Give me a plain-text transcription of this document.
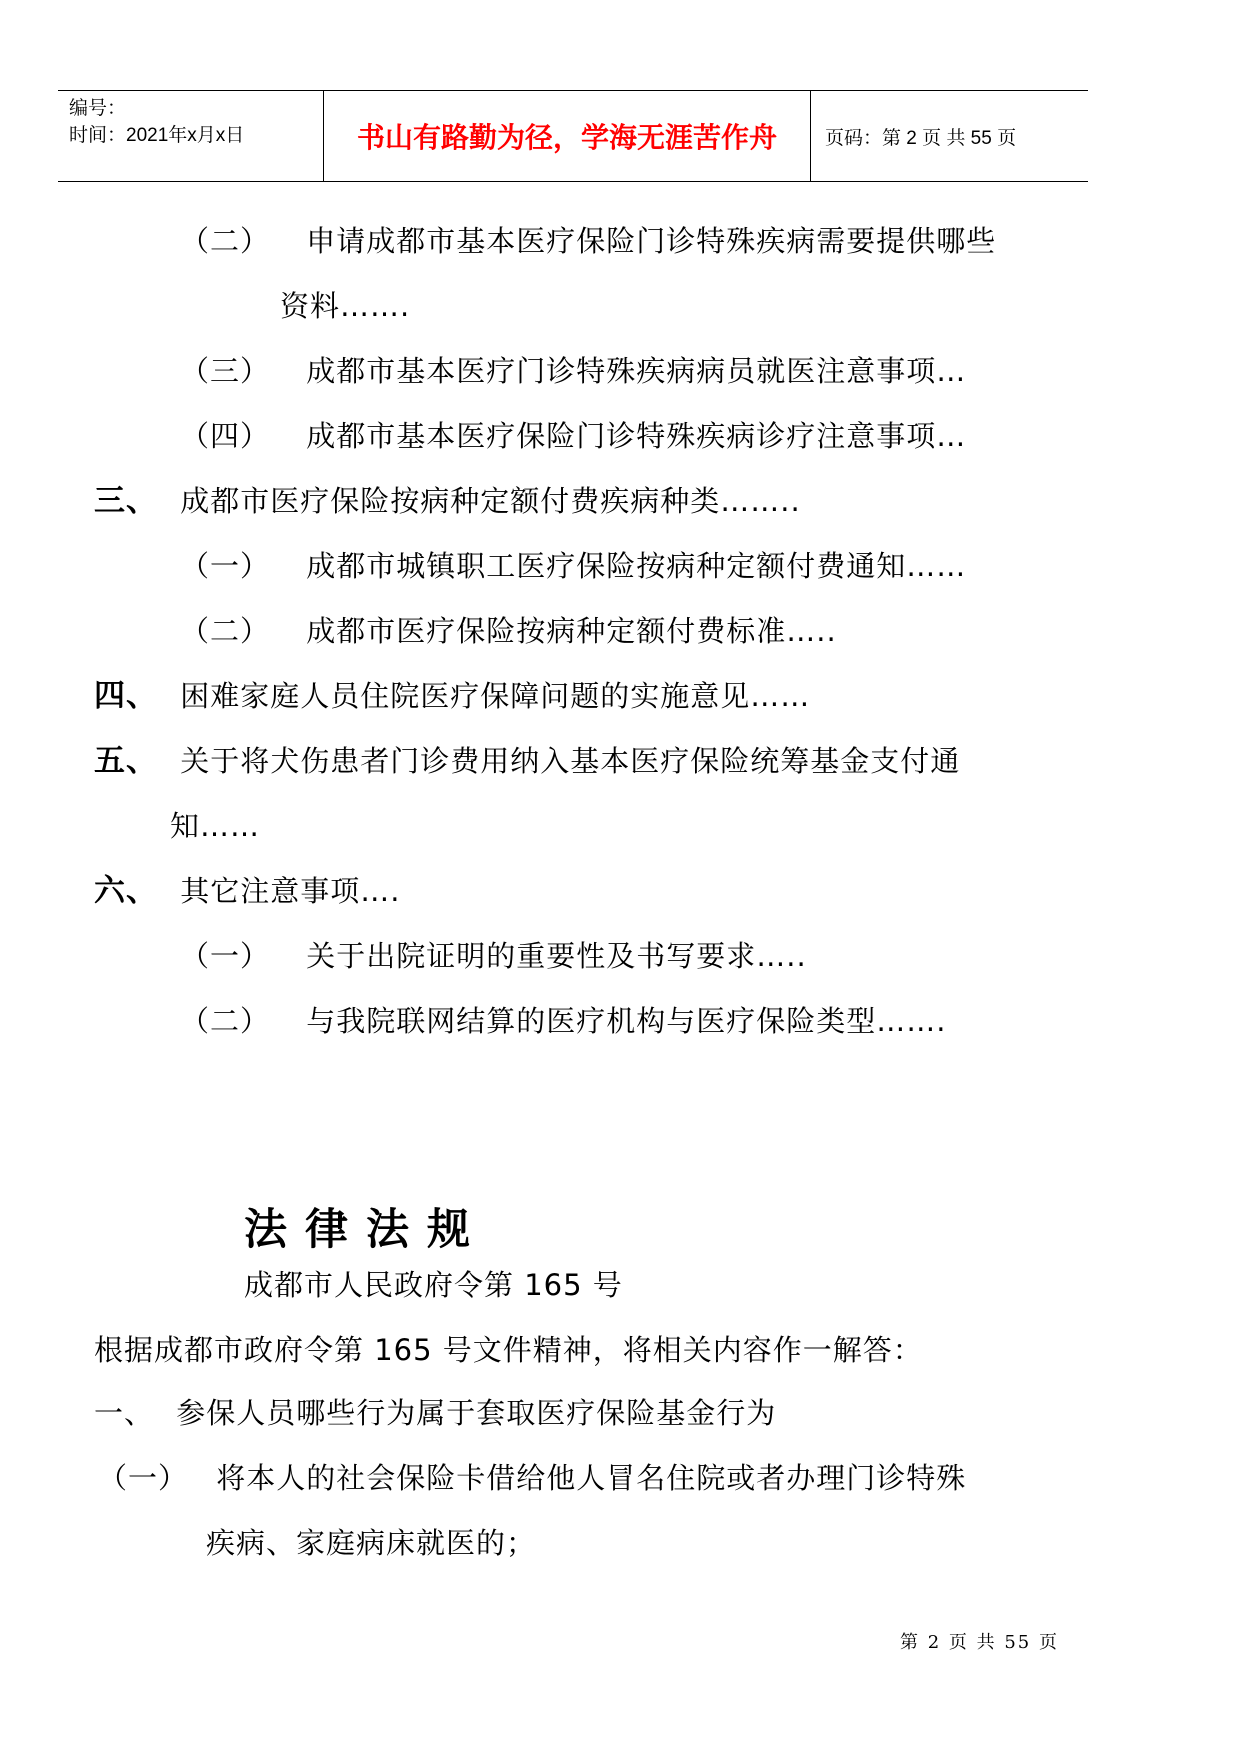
编号：
时间：2021年x月x日	书山有路勤为径，学海无涯苦作舟	页码：第 2 页 共 55 页
（二） 申请成都市基本医疗保险门诊特殊疾病需要提供哪些
资料…….
（三） 成都市基本医疗门诊特殊疾病病员就医注意事项…
（四） 成都市基本医疗保险门诊特殊疾病诊疗注意事项…
三、 成都市医疗保险按病种定额付费疾病种类……..
（一） 成都市城镇职工医疗保险按病种定额付费通知……
（二） 成都市医疗保险按病种定额付费标准…..
四、 困难家庭人员住院医疗保障问题的实施意见……
五、 关于将犬伤患者门诊费用纳入基本医疗保险统筹基金支付通
知……
六、 其它注意事项….
（一） 关于出院证明的重要性及书写要求…..
（二） 与我院联网结算的医疗机构与医疗保险类型…….
法律法规
成都市人民政府令第 165 号
根据成都市政府令第 165 号文件精神，将相关内容作一解答：
一、 参保人员哪些行为属于套取医疗保险基金行为
（一） 将本人的社会保险卡借给他人冒名住院或者办理门诊特殊
疾病、家庭病床就医的；
第 2 页 共 55 页
